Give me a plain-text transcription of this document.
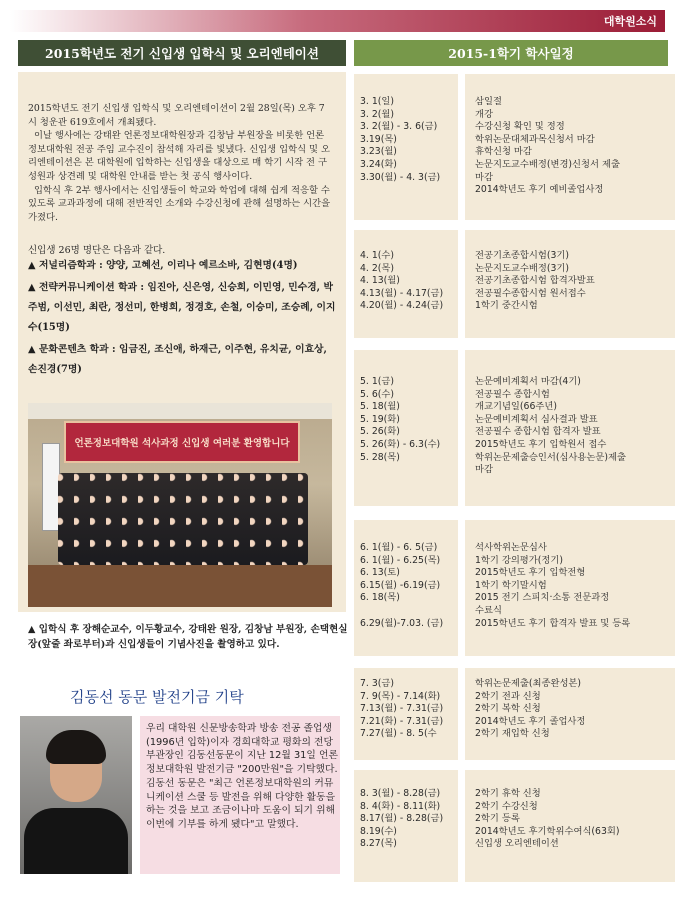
대학원소식
2015학년도 전기 신입생 입학식 및 오리엔테이션	2015-1학기 학사일정

2015학년도 전기 신입생 입학식 및 오리엔테이션이 2월 28일(목) 오후 7시 청운관 619호에서 개최됐다.

이날 행사에는 강태완 언론정보대학원장과 김창남 부원장을 비롯한 언론정보대학원 전공 주임 교수진이 참석해 자리를 빛냈다. 신입생 입학식 및 오리엔테이션은 본 대학원에 입학하는 신입생을 대상으로 매 학기 시작 전 구성원과 상견례 및 대학원 안내를 받는 첫 공식 행사이다.

입학식 후 2부 행사에서는 신입생들이 학교와 학업에 대해 쉽게 적응할 수 있도록 교과과정에 대해 전반적인 소개와 수강신청에 관해 설명하는 시간을 가졌다.

신입생 26명 명단은 다음과 같다.
▲ 저널리즘학과 : 양양, 고혜선, 이리나 예르소바, 김현명(4명)
▲ 전략커뮤니케이션 학과 : 임진아, 신은영, 신승희, 이민영, 민수경, 박주범, 이선민, 최란, 정선미, 한병희, 정경호, 손철, 이승미, 조승례, 이지수(15명)
▲ 문화콘텐츠 학과 : 임금진, 조신애, 하재근, 이주현, 유치균, 이효상, 손진경(7명)
언론정보대학원 석사과정 신입생 여러분 환영합니다
▲ 입학식 후 장해순교수, 이두황교수, 강태완 원장, 김창남 부원장, 손택현실장(앞줄 좌로부터)과 신입생들이 기념사진을 촬영하고 있다.
김동선 동문 발전기금 기탁

우리 대학원 신문방송학과 방송 전공 졸업생(1996년 입학)이자 경희대학교 평화의 전당 부관장인 김동선동문이 지난 12월 31일 언론정보대학원 발전기금 "200만원"을 기탁했다.

김동선 동문은 "최근 언론정보대학원의 커뮤니케이션 스쿨 등 발전을 위해 다양한 활동을 하는 것을 보고 조금이나마 도움이 되기 위해 이번에 기부를 하게 됐다"고 말했다.

3. 1(일)
3. 2(월)
3. 2(월) - 3. 6(금)
3.19(목)
3.23(월)
3.24(화)
3.30(월) - 4. 3(금)
삼일절
개강
수강신청 확인 및 정정
학위논문대체과목신청서 마감
휴학신청 마감
논문지도교수배정(변경)신청서 제출
마감
2014학년도 후기 예비졸업사정
4. 1(수)
4. 2(목)
4. 13(월)
4.13(월) - 4.17(금)
4.20(월) - 4.24(금)
전공기초종합시험(3기)
논문지도교수배정(3기)
전공기초종합시험 합격자발표
전공필수종합시험 원서접수
1학기 중간시험
5. 1(금)
5. 6(수)
5. 18(월)
5. 19(화)
5. 26(화)
5. 26(화) - 6.3(수)
5. 28(목)
논문예비계획서 마감(4기)
전공필수 종합시험
개교기념일(66주년)
논문예비계획서 심사결과 발표
전공필수 종합시험 합격자 발표
2015학년도 후기 입학원서 접수
학위논문제출승인서(심사용논문)제출
마감
6. 1(월) - 6. 5(금)
6. 1(월) - 6.25(목)
6. 13(토)
6.15(월) -6.19(금)
6. 18(목)

6.29(월)-7.03. (금)
석사학위논문심사
1학기 강의평가(정기)
2015학년도 후기 입학전형
1학기 학기말시험
2015 전기 스피치·소통 전문과정
수료식
2015학년도 후기 합격자 발표 및 등록
7. 3(금)
7. 9(목) - 7.14(화)
7.13(월) - 7.31(금)
7.21(화) - 7.31(금)
7.27(월) - 8. 5(수
학위논문제출(최종완성본)
2학기 전과 신청
2학기 복학 신청
2014학년도 후기 졸업사정
2학기 재입학 신청
8. 3(월) - 8.28(금)
8. 4(화) - 8.11(화)
8.17(월) - 8.28(금)
8.19(수)
8.27(목)
2학기 휴학 신청
2학기 수강신청
2학기 등록
2014학년도 후기학위수여식(63회)
신입생 오리엔테이션
